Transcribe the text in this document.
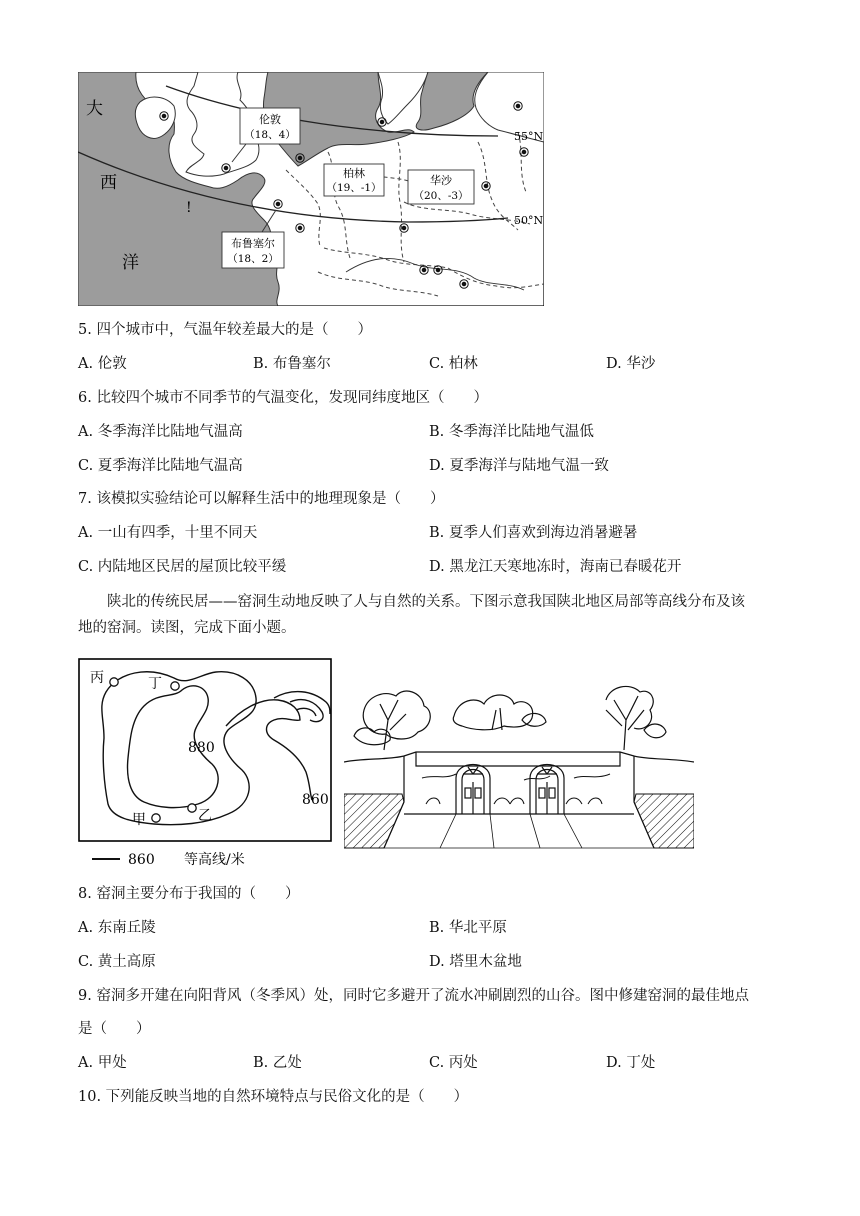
55°N
50°N
大
西
洋
!
伦敦
（18、4）
柏林
（19、-1）
华沙
（20、-3）
布鲁塞尔
（18、2）
5. 四个城市中，气温年较差最大的是（　　）
A. 伦敦	B. 布鲁塞尔	C. 柏林	D. 华沙
6. 比较四个城市不同季节的气温变化，发现同纬度地区（　　）
A. 冬季海洋比陆地气温高	B. 冬季海洋比陆地气温低
C. 夏季海洋比陆地气温高	D. 夏季海洋与陆地气温一致
7. 该模拟实验结论可以解释生活中的地理现象是（　　）
A. 一山有四季，十里不同天	B. 夏季人们喜欢到海边消暑避暑
C. 内陆地区民居的屋顶比较平缓	D. 黑龙江天寒地冻时，海南已春暖花开
陕北的传统民居——窑洞生动地反映了人与自然的关系。下图示意我国陕北地区局部等高线分布及该
地的窑洞。读图，完成下面小题。
丙	丁
甲	乙
880
860
860 等高线/米
8. 窑洞主要分布于我国的（　　）
A. 东南丘陵	B. 华北平原
C. 黄土高原	D. 塔里木盆地
9. 窑洞多开建在向阳背风（冬季风）处，同时它多避开了流水冲刷剧烈的山谷。图中修建窑洞的最佳地点
是（　　）
A. 甲处	B. 乙处	C. 丙处	D. 丁处
10. 下列能反映当地的自然环境特点与民俗文化的是（　　）
